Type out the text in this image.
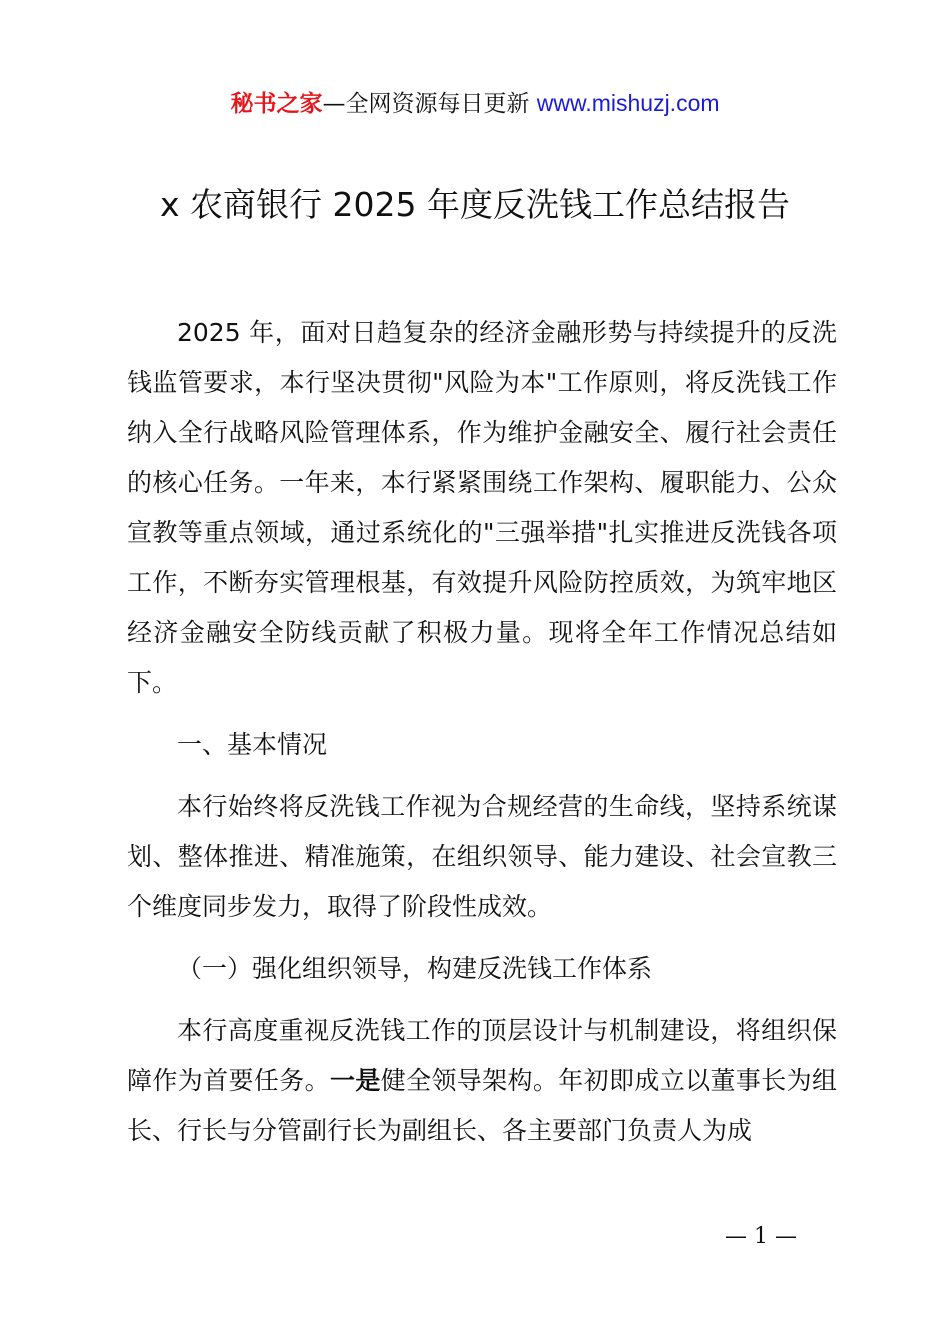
秘书之家—全网资源每日更新 www.mishuzj.com
x 农商银行 2025 年度反洗钱工作总结报告

2025 年，面对日趋复杂的经济金融形势与持续提升的反洗钱监管要求，本行坚决贯彻"风险为本"工作原则，将反洗钱工作纳入全行战略风险管理体系，作为维护金融安全、履行社会责任的核心任务。一年来，本行紧紧围绕工作架构、履职能力、公众宣教等重点领域，通过系统化的"三强举措"扎实推进反洗钱各项工作，不断夯实管理根基，有效提升风险防控质效，为筑牢地区经济金融安全防线贡献了积极力量。现将全年工作情况总结如下。

一、基本情况

本行始终将反洗钱工作视为合规经营的生命线，坚持系统谋划、整体推进、精准施策，在组织领导、能力建设、社会宣教三个维度同步发力，取得了阶段性成效。

（一）强化组织领导，构建反洗钱工作体系

本行高度重视反洗钱工作的顶层设计与机制建设，将组织保障作为首要任务。一是健全领导架构。年初即成立以董事长为组长、行长与分管副行长为副组长、各主要部门负责人为成

— 1 —
